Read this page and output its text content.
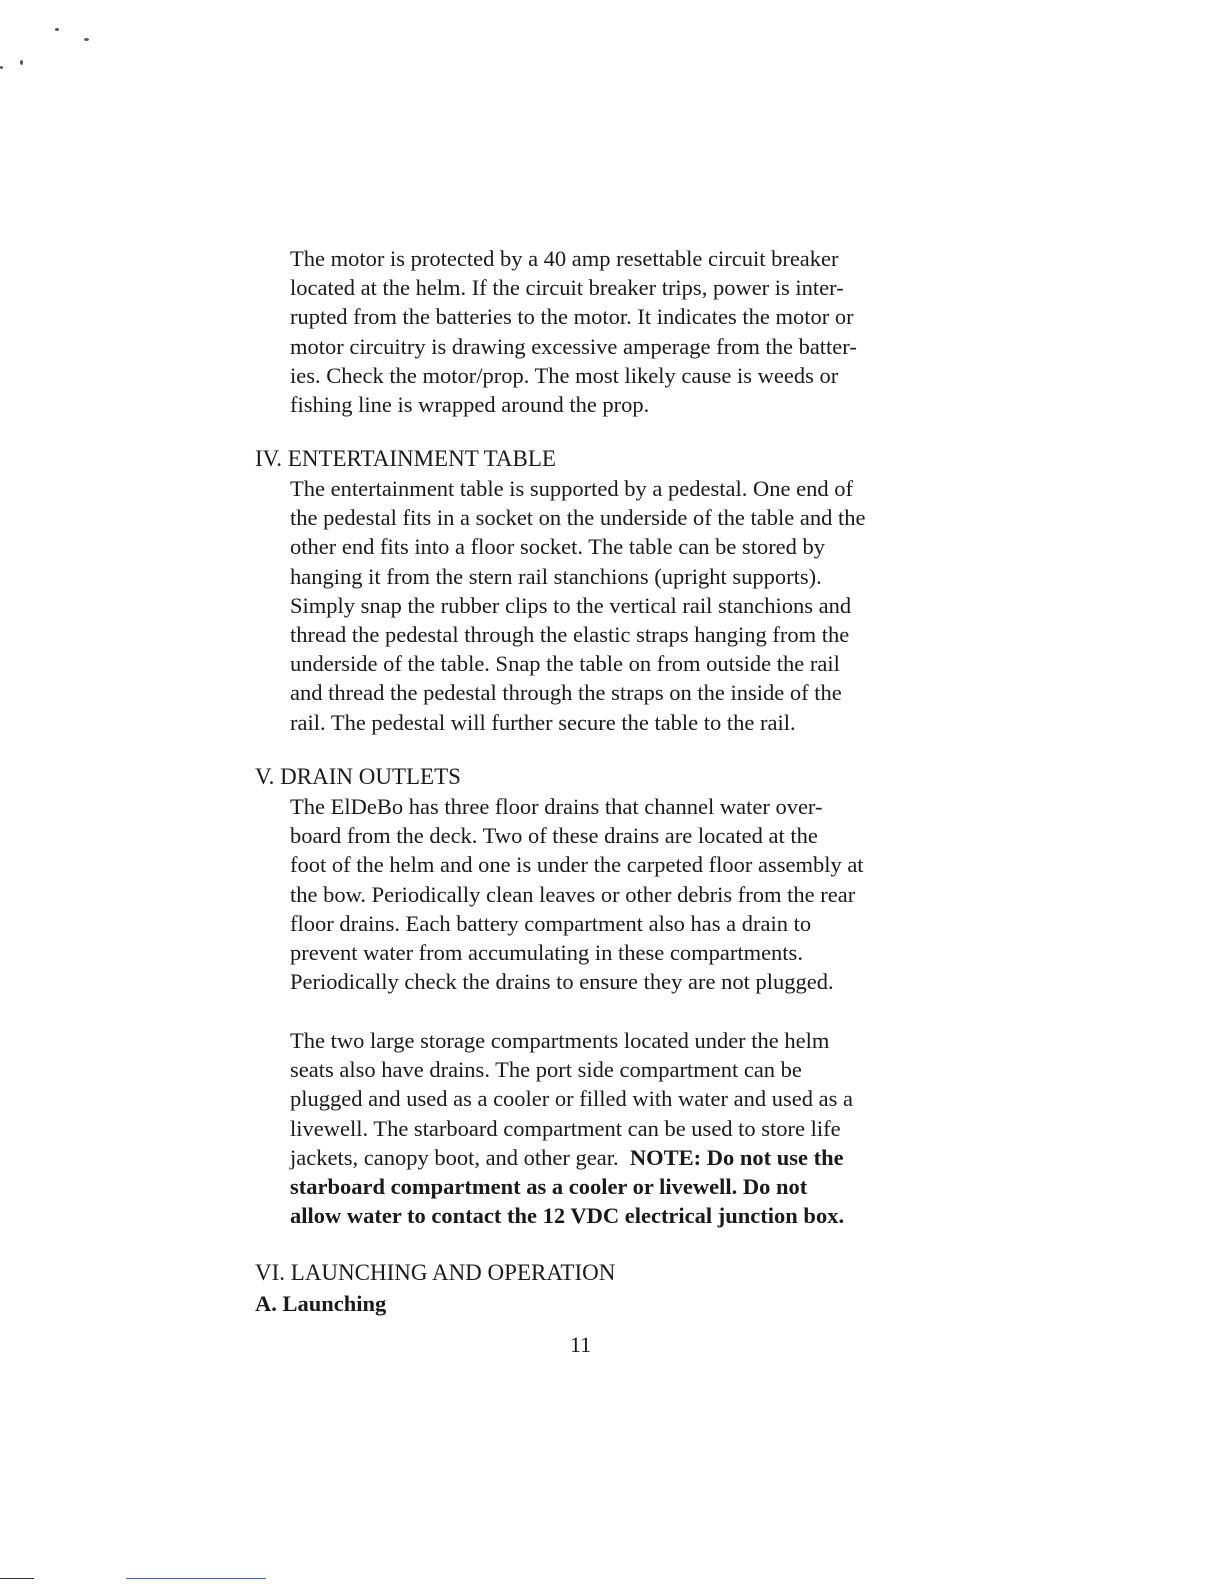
The motor is protected by a 40 amp resettable circuit breaker
located at the helm. If the circuit breaker trips, power is inter-
rupted from the batteries to the motor. It indicates the motor or
motor circuitry is drawing excessive amperage from the batter-
ies. Check the motor/prop. The most likely cause is weeds or
fishing line is wrapped around the prop.

IV. ENTERTAINMENT TABLE

The entertainment table is supported by a pedestal. One end of
the pedestal fits in a socket on the underside of the table and the
other end fits into a floor socket. The table can be stored by
hanging it from the stern rail stanchions (upright supports).
Simply snap the rubber clips to the vertical rail stanchions and
thread the pedestal through the elastic straps hanging from the
underside of the table. Snap the table on from outside the rail
and thread the pedestal through the straps on the inside of the
rail. The pedestal will further secure the table to the rail.

V. DRAIN OUTLETS

The ElDeBo has three floor drains that channel water over-
board from the deck. Two of these drains are located at the
foot of the helm and one is under the carpeted floor assembly at
the bow. Periodically clean leaves or other debris from the rear
floor drains. Each battery compartment also has a drain to
prevent water from accumulating in these compartments.
Periodically check the drains to ensure they are not plugged.

The two large storage compartments located under the helm
seats also have drains. The port side compartment can be
plugged and used as a cooler or filled with water and used as a
livewell. The starboard compartment can be used to store life
jackets, canopy boot, and other gear.  NOTE: Do not use the
starboard compartment as a cooler or livewell. Do not
allow water to contact the 12 VDC electrical junction box.

VI. LAUNCHING AND OPERATION
A. Launching
11
